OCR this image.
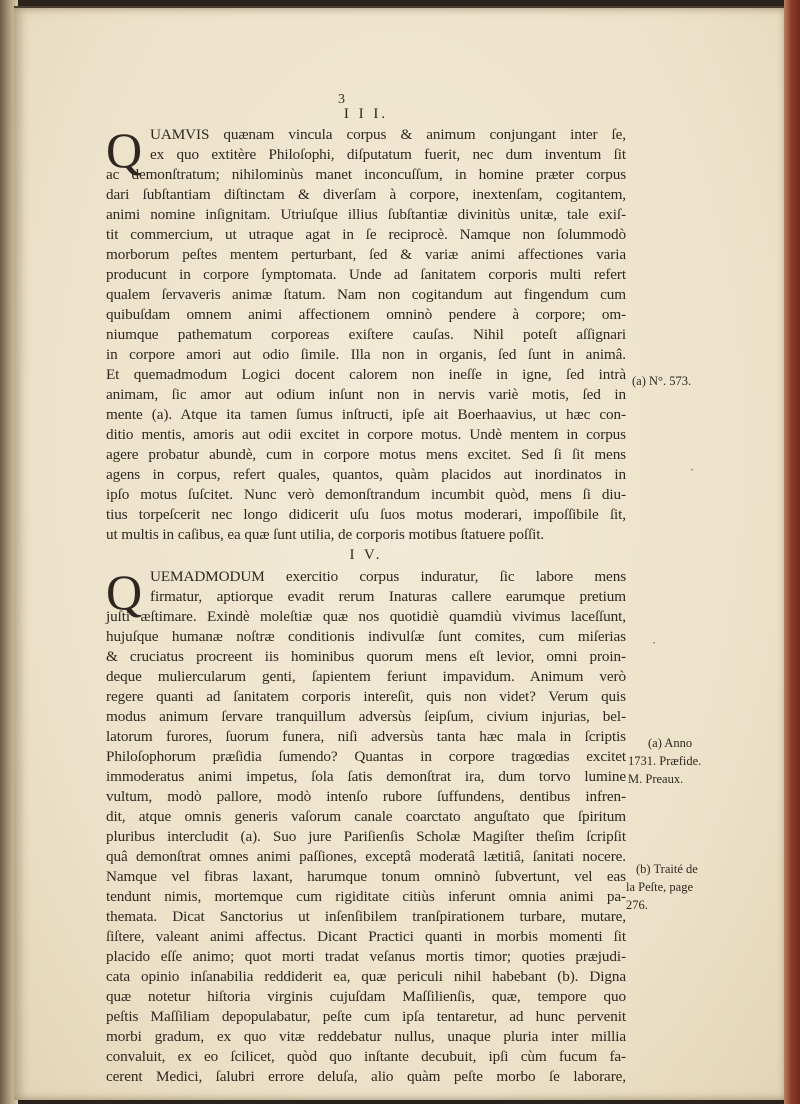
3
I I I.
Q UAMVIS quænam vincula corpus & animum conjungant inter ſe,
ex quo extitère Philoſophi, diſputatum fuerit, nec dum inventum ſit
ac demonſtratum; nihilominùs manet inconcuſſum, in homine præter corpus
dari ſubſtantiam diſtinctam & diverſam à corpore, inextenſam, cogitantem,
animi nomine inſignitam. Utriuſque illius ſubſtantiæ divinitùs unitæ, tale exiſ-
tit commercium, ut utraque agat in ſe reciprocè. Namque non ſolummodò
morborum peſtes mentem perturbant, ſed & variæ animi affectiones varia
producunt in corpore ſymptomata. Unde ad ſanitatem corporis multi refert
qualem ſervaveris animæ ſtatum. Nam non cogitandum aut fingendum cum
quibuſdam omnem animi affectionem omninò pendere à corpore; om-
niumque pathematum corporeas exiſtere cauſas. Nihil poteſt aſſignari
in corpore amori aut odio ſimile. Illa non in organis, ſed ſunt in animâ.
Et quemadmodum Logici docent calorem non ineſſe in igne, ſed intrà
animam, ſic amor aut odium inſunt non in nervis variè motis, ſed in
mente (a). Atque ita tamen ſumus inſtructi, ipſe ait Boerhaavius, ut hæc con-
ditio mentis, amoris aut odii excitet in corpore motus. Undè mentem in corpus
agere probatur abundè, cum in corpore motus mens excitet. Sed ſi ſit mens
agens in corpus, refert quales, quantos, quàm placidos aut inordinatos in
ipſo motus ſuſcitet. Nunc verò demonſtrandum incumbit quòd, mens ſi diu-
tius torpeſcerit nec longo didicerit uſu ſuos motus moderari, impoſſibile ſit,
ut multis in caſibus, ea quæ ſunt utilia, de corporis motibus ſtatuere poſſit.
I V.
Q UEMADMODUM exercitio corpus induratur, ſic labore mens
firmatur, aptiorque evadit rerum Inaturas callere earumque pretium
juſti æſtimare. Exindè moleſtiæ quæ nos quotidiè quamdiù vivimus laceſſunt,
hujuſque humanæ noſtræ conditionis indivulſæ ſunt comites, cum miſerias
& cruciatus procreent iis hominibus quorum mens eſt levior, omni proin-
deque muliercularum genti, ſapientem feriunt impavidum. Animum verò
regere quanti ad ſanitatem corporis intereſit, quis non videt? Verum quis
modus animum ſervare tranquillum adversùs ſeipſum, civium injurias, bel-
latorum furores, ſuorum funera, niſi adversùs tanta hæc mala in ſcriptis
Philoſophorum præſidia ſumendo? Quantas in corpore tragœdias excitet
immoderatus animi impetus, ſola ſatis demonſtrat ira, dum torvo lumine
vultum, modò pallore, modò intenſo rubore ſuffundens, dentibus infren-
dit, atque omnis generis vaſorum canale coarctato anguſtato que ſpiritum
pluribus intercludit (a). Suo jure Pariſienſis Scholæ Magiſter theſim ſcripſit
quâ demonſtrat omnes animi paſſiones, exceptâ moderatâ lætitiâ, ſanitati nocere.
Namque vel fibras laxant, harumque tonum omninò ſubvertunt, vel eas
tendunt nimis, mortemque cum rigiditate citiùs inferunt omnia animi pa-
themata. Dicat Sanctorius ut inſenſibilem tranſpirationem turbare, mutare,
ſiſtere, valeant animi affectus. Dicant Practici quanti in morbis momenti ſit
placido eſſe animo; quot morti tradat veſanus mortis timor; quoties præjudi-
cata opinio inſanabilia reddiderit ea, quæ periculi nihil habebant (b). Digna
quæ notetur hiſtoria virginis cujuſdam Maſſilienſis, quæ, tempore quo
peſtis Maſſiliam depopulabatur, peſte cum ipſa tentaretur, ad hunc pervenit
morbi gradum, ex quo vitæ reddebatur nullus, unaque pluria inter millia
convaluit, ex eo ſcilicet, quòd quo inſtante decubuit, ipſi cùm fucum fa-
cerent Medici, ſalubri errore deluſa, alio quàm peſte morbo ſe laborare,
(a) N°. 573.
(a) Anno
1731. Præfide.
M. Preaux.
(b) Traité de
la Peſte, page
276.
·
·
